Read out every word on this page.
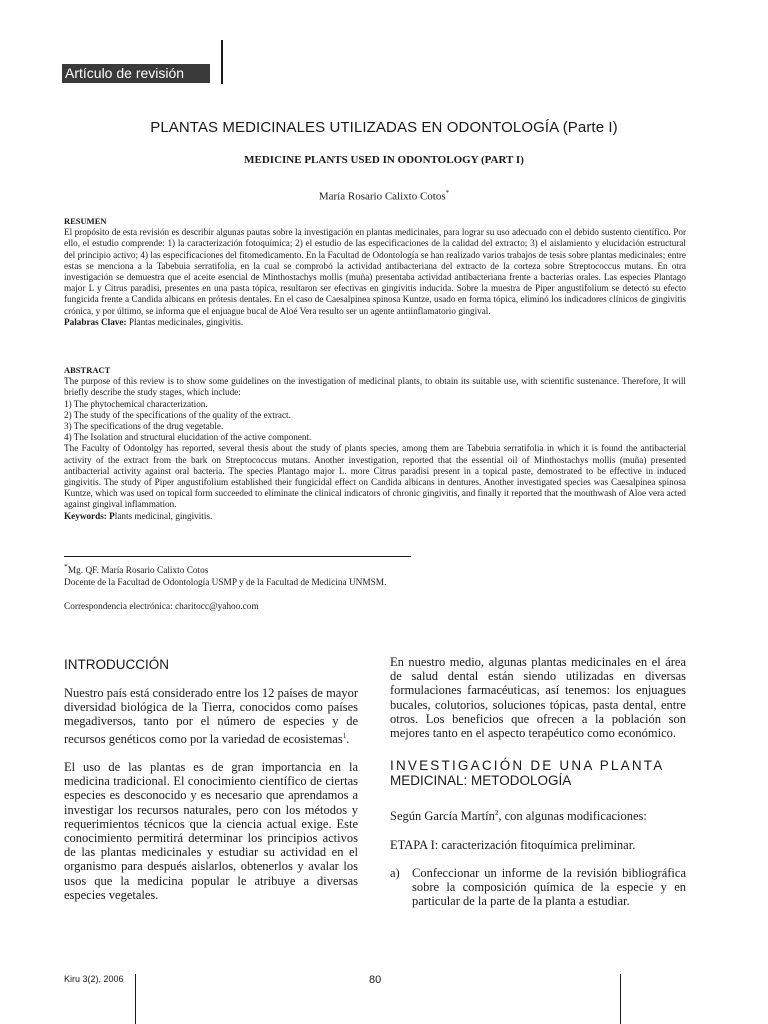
Artículo de revisión
PLANTAS MEDICINALES UTILIZADAS EN ODONTOLOGÍA (Parte I)
MEDICINE PLANTS USED IN ODONTOLOGY (PART I)
María Rosario Calixto Cotos*

RESUMEN

El propósito de esta revisión es describir algunas pautas sobre la investigación en plantas medicinales, para lograr su uso adecuado con el debido sustento científico. Por ello, el estudio comprende: 1) la caracterización fotoquímica; 2) el estudio de las especificaciones de la calidad del extracto; 3) el aislamiento y elucidación estructural del principio activo; 4) las especificaciones del fitomedicamento. En la Facultad de Odontología se han realizado varios trabajos de tesis sobre plantas medicinales; entre estas se menciona a la Tabebuia serratifolia, en la cual se comprobó la actividad antibacteriana del extracto de la corteza sobre Streptococcus mutans. En otra investigación se demuestra que el aceite esencial de Minthostachys mollis (muña) presentaba actividad antibacteriana frente a bacterias orales. Las especies Plantago major L y Citrus paradisi, presentes en una pasta tópica, resultaron ser efectivas en gingivitis inducida. Sobre la muestra de Piper angustifolium se detectó su efecto fungicida frente a Candida albicans en prótesis dentales. En el caso de Caesalpinea spinosa Kuntze, usado en forma tópica, eliminó los indicadores clínicos de gingivitis crónica, y por último, se informa que el enjuague bucal de Aloé Vera resulto ser un agente antiinflamatorio gingival.

Palabras Clave: Plantas medicinales, gingivitis.

ABSTRACT

The purpose of this review is to show some guidelines on the investigation of medicinal plants, to obtain its suitable use, with scientific sustenance. Therefore, It will briefly describe the study stages, which include:

1) The phytochemical characterization.

2) The study of the specifications of the quality of the extract.

3) The specifications of the drug vegetable.

4) The Isolation and structural elucidation of the active component.

The Faculty of Odontolgy has reported, several thesis about the study of plants species, among them are Tabebuia serratifolia in which it is found the antibacterial activity of the extract from the bark on Streptococcus mutans. Another investigation, reported that the essential oil of Minthostachys mollis (muña) presented antibacterial activity against oral bacteria. The species Plantago major L. more Citrus paradisi present in a topical paste, demostrated to be effective in induced gingivitis. The study of Piper angustifolium established their fungicidal effect on Candida albicans in dentures. Another investigated species was Caesalpinea spinosa Kuntze, which was used on topical form succeeded to eliminate the clinical indicators of chronic gingivitis, and finally it reported that the mouthwash of Aloe vera acted against gingival inflammation.

Keywords: Plants medicinal, gingivitis.

*Mg. QF. María Rosario Calixto Cotos

Docente de la Facultad de Odontología USMP y de la Facultad de Medicina UNMSM.

Correspondencia electrónica: charitocc@yahoo.com

INTRODUCCIÓN

Nuestro país está considerado entre los 12 países de mayor diversidad biológica de la Tierra, conocidos como países megadiversos, tanto por el número de especies y de recursos genéticos como por la variedad de ecosistemas$^1$.

El uso de las plantas es de gran importancia en la medicina tradicional. El conocimiento científico de ciertas especies es desconocido y es necesario que aprendamos a investigar los recursos naturales, pero con los métodos y requerimientos técnicos que la ciencia actual exige. Este conocimiento permitirá determinar los principios activos de las plantas medicinales y estudiar su actividad en el organismo para después aislarlos, obtenerlos y avalar los usos que la medicina popular le atribuye a diversas especies vegetales.

En nuestro medio, algunas plantas medicinales en el área de salud dental están siendo utilizadas en diversas formulaciones farmacéuticas, así tenemos: los enjuagues bucales, colutorios, soluciones tópicas, pasta dental, entre otros. Los beneficios que ofrecen a la población son mejores tanto en el aspecto terapéutico como económico.

INVESTIGACIÓN DE UNA PLANTA
MEDICINAL: METODOLOGÍA

Según García Martín$^2$, con algunas modificaciones:

ETAPA I: caracterización fitoquímica preliminar.

a) Confeccionar un informe de la revisión bibliográfica sobre la composición química de la especie y en particular de la parte de la planta a estudiar.
Kiru 3(2), 2006	80
